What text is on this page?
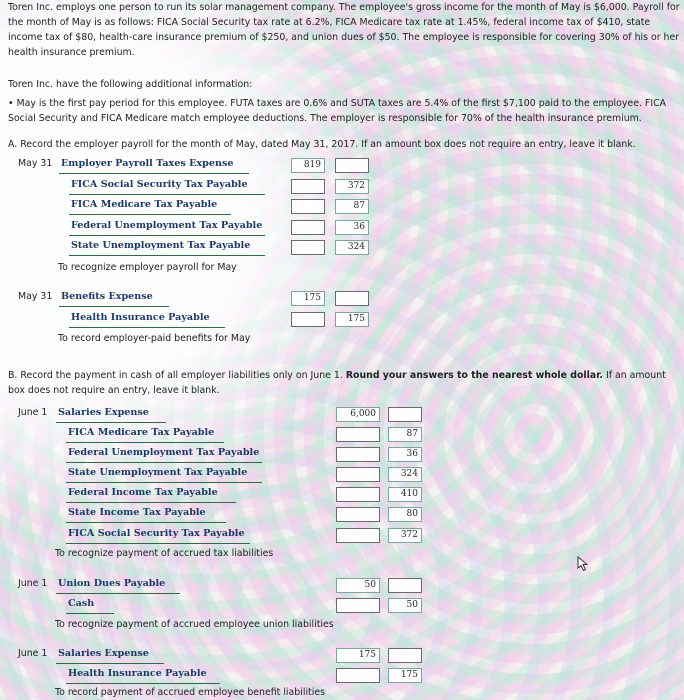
Toren Inc. employs one person to run its solar management company. The employee's gross income for the month of May is $6,000. Payroll for the month of May is as follows: FICA Social Security tax rate at 6.2%, FICA Medicare tax rate at 1.45%, federal income tax of $410, state income tax of $80, health-care insurance premium of $250, and union dues of $50. The employee is responsible for covering 30% of his or her health insurance premium.
Toren Inc. have the following additional information:
• May is the first pay period for this employee. FUTA taxes are 0.6% and SUTA taxes are 5.4% of the first $7,100 paid to the employee. FICA Social Security and FICA Medicare match employee deductions. The employer is responsible for 70% of the health insurance premium.
A. Record the employer payroll for the month of May, dated May 31, 2017. If an amount box does not require an entry, leave it blank.
May 31 Employer Payroll Taxes Expense
FICA Social Security Tax Payable
FICA Medicare Tax Payable
Federal Unemployment Tax Payable
State Unemployment Tax Payable
To recognize employer payroll for May
819
372
87
36
324
May 31 Benefits Expense
Health Insurance Payable
To record employer-paid benefits for May
175
175
B. Record the payment in cash of all employer liabilities only on June 1. Round your answers to the nearest whole dollar. If an amount box does not require an entry, leave it blank.
June 1 Salaries Expense
FICA Medicare Tax Payable
Federal Unemployment Tax Payable
State Unemployment Tax Payable
Federal Income Tax Payable
State Income Tax Payable
FICA Social Security Tax Payable
To recognize payment of accrued tax liabilities
6,000
87
36
324
410
80
372
June 1 Union Dues Payable
Cash
To recognize payment of accrued employee union liabilities
50
50
June 1 Salaries Expense
Health Insurance Payable
To record payment of accrued employee benefit liabilities
175
175
